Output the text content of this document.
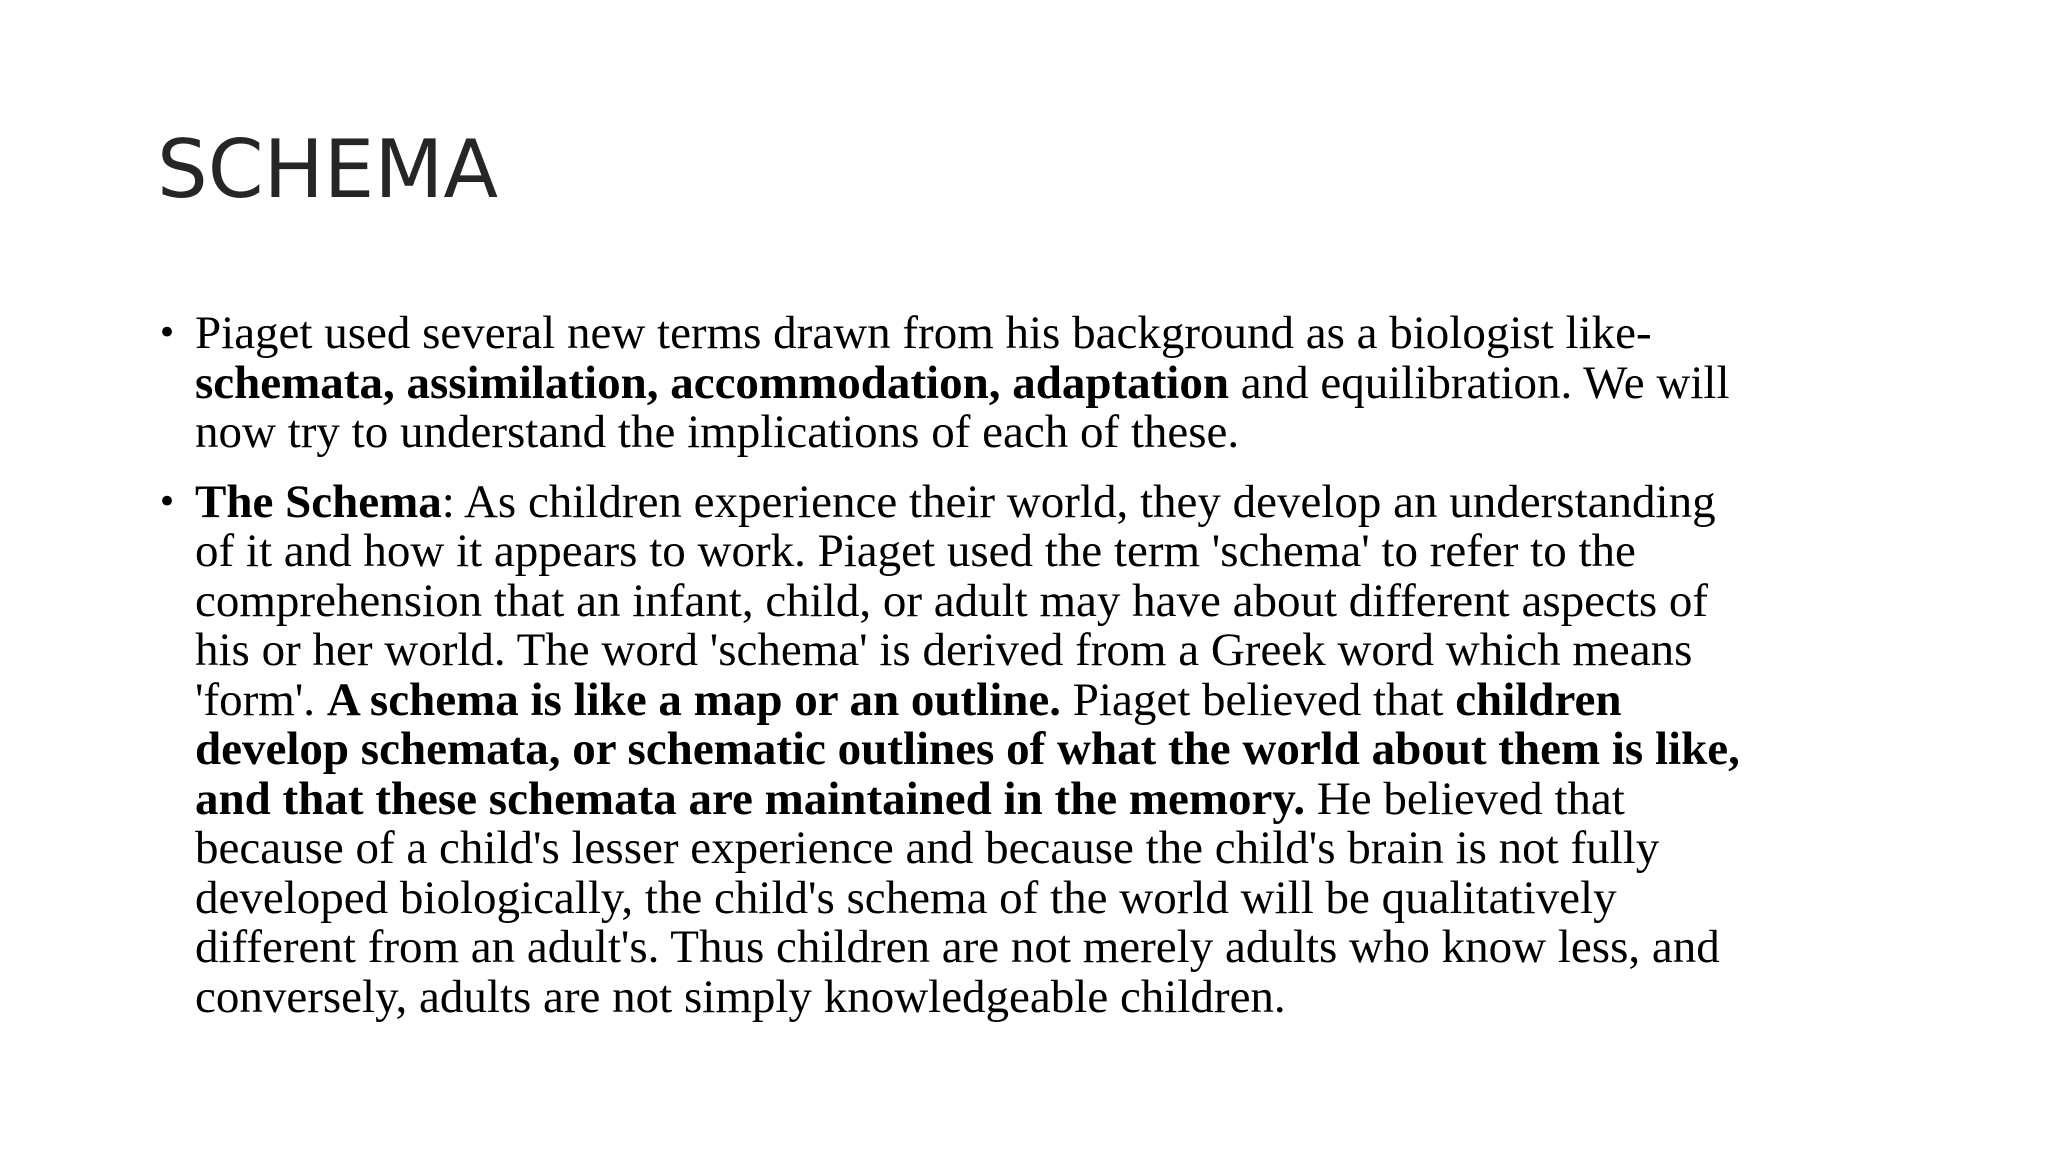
SCHEMA
• Piaget used several new terms drawn from his background as a biologist like-
schemata, assimilation, accommodation, adaptation and equilibration. We will
now try to understand the implications of each of these.
• The Schema: As children experience their world, they develop an understanding
of it and how it appears to work. Piaget used the term 'schema' to refer to the
comprehension that an infant, child, or adult may have about different aspects of
his or her world. The word 'schema' is derived from a Greek word which means
'form'. A schema is like a map or an outline. Piaget believed that children
develop schemata, or schematic outlines of what the world about them is like,
and that these schemata are maintained in the memory. He believed that
because of a child's lesser experience and because the child's brain is not fully
developed biologically, the child's schema of the world will be qualitatively
different from an adult's. Thus children are not merely adults who know less, and
conversely, adults are not simply knowledgeable children.
